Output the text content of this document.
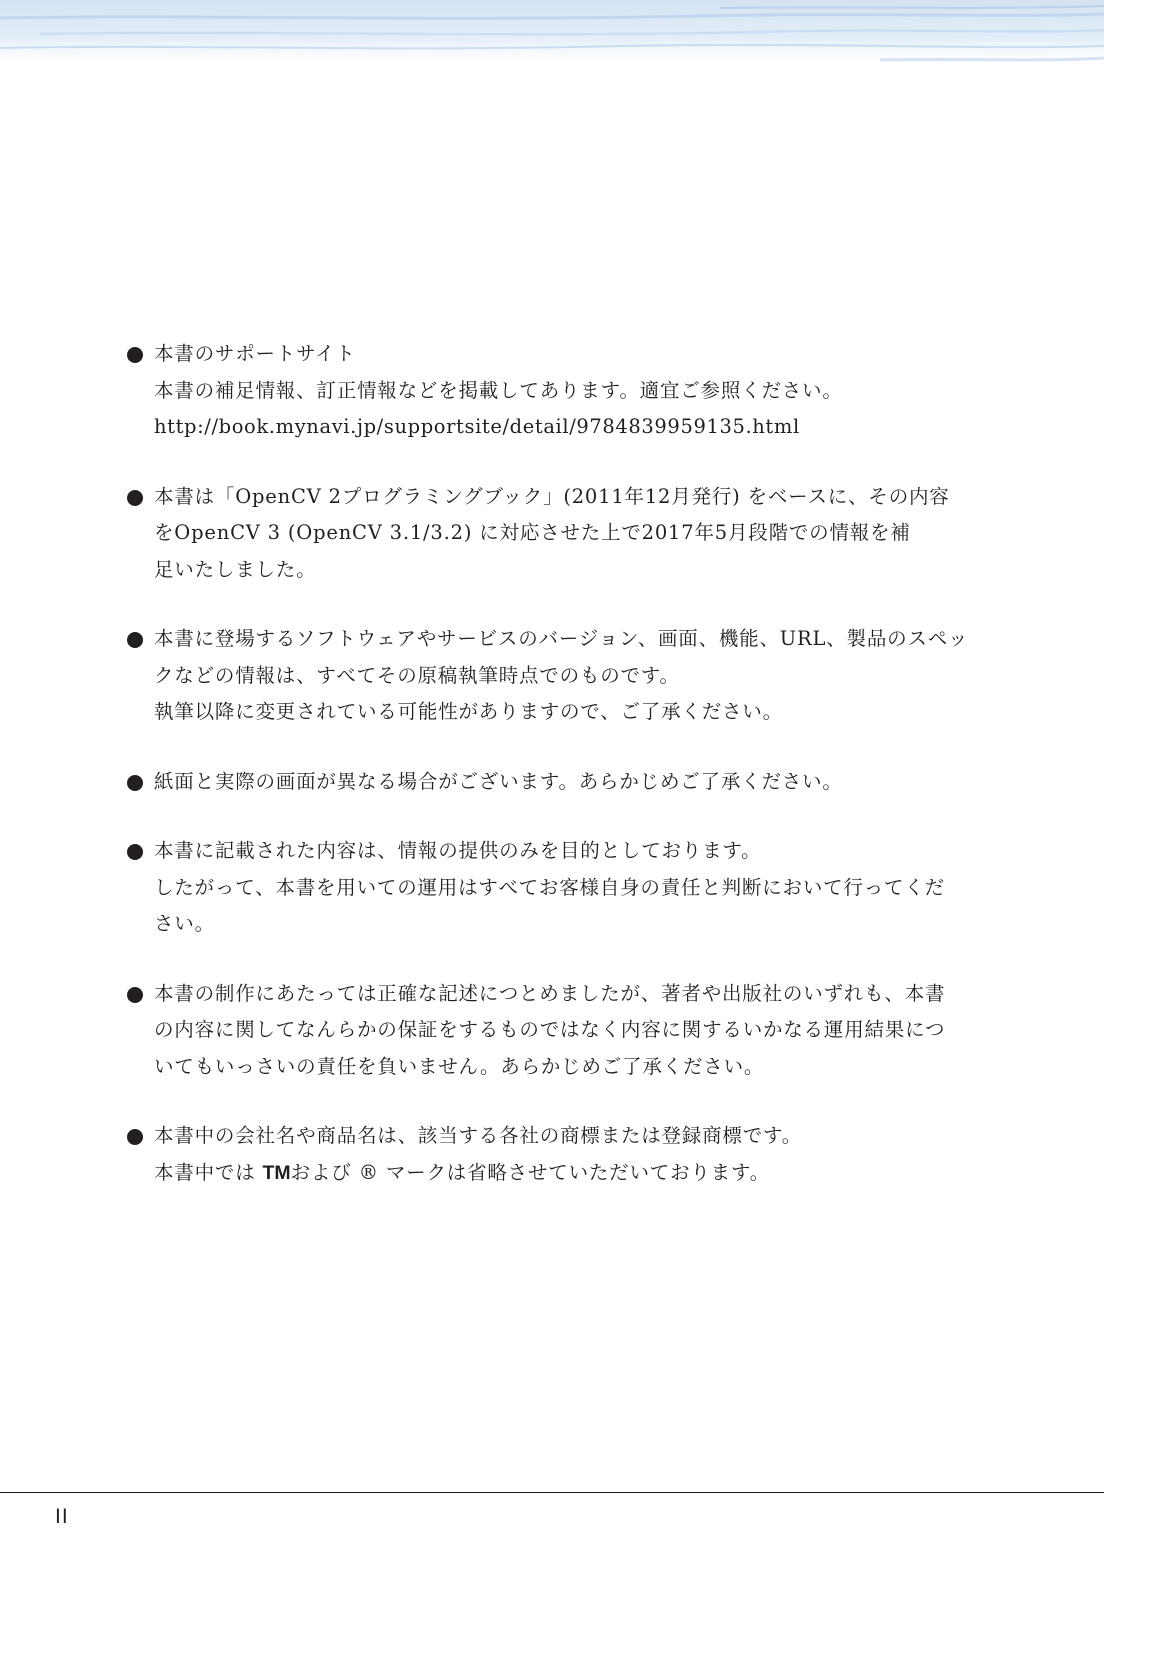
本書のサポートサイト
本書の補足情報、訂正情報などを掲載してあります。適宜ご参照ください。
http://book.mynavi.jp/supportsite/detail/9784839959135.html
本書は「OpenCV 2プログラミングブック」(2011年12月発行) をベースに、その内容
をOpenCV 3 (OpenCV 3.1/3.2) に対応させた上で2017年5月段階での情報を補
足いたしました。
本書に登場するソフトウェアやサービスのバージョン、画面、機能、URL、製品のスペッ
クなどの情報は、すべてその原稿執筆時点でのものです。
執筆以降に変更されている可能性がありますので、ご了承ください。
紙面と実際の画面が異なる場合がございます。あらかじめご了承ください。
本書に記載された内容は、情報の提供のみを目的としております。
したがって、本書を用いての運用はすべてお客様自身の責任と判断において行ってくだ
さい。
本書の制作にあたっては正確な記述につとめましたが、著者や出版社のいずれも、本書
の内容に関してなんらかの保証をするものではなく内容に関するいかなる運用結果につ
いてもいっさいの責任を負いません。あらかじめご了承ください。
本書中の会社名や商品名は、該当する各社の商標または登録商標です。
本書中では TMおよび ® マークは省略させていただいております。
II
